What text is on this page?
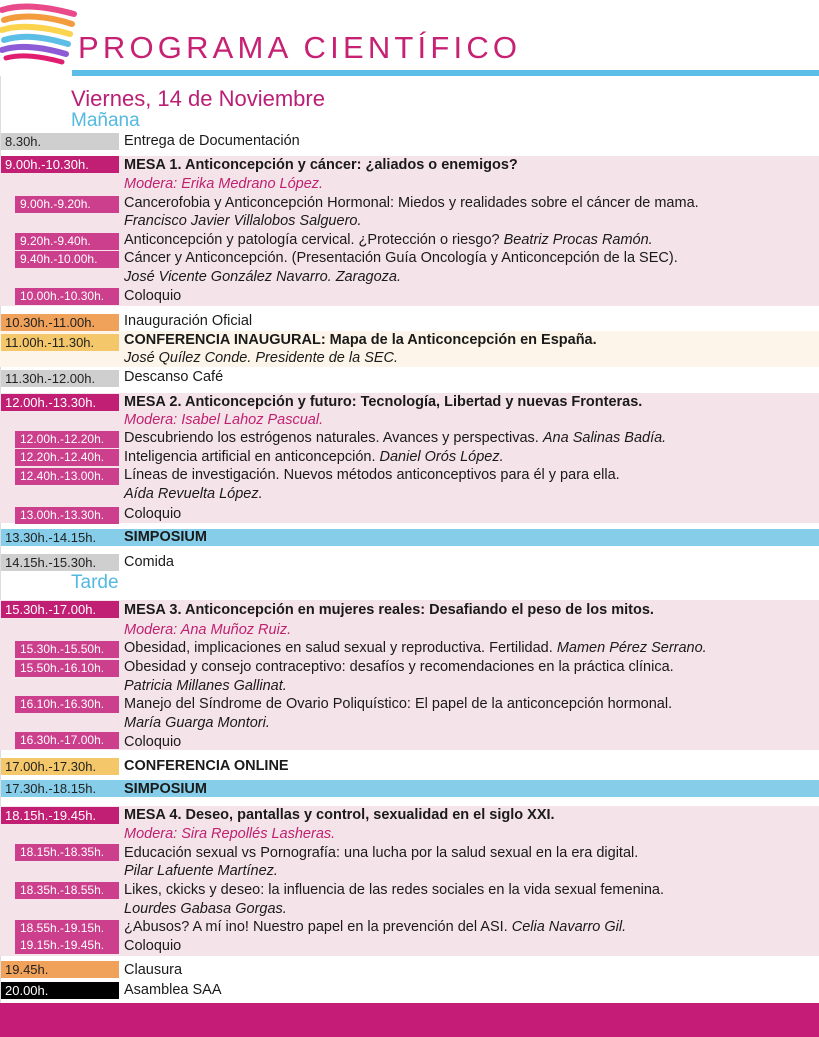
PROGRAMA CIENTÍFICO
Viernes, 14 de Noviembre
Mañana
Tarde
8.30h.	Entrega de Documentación
9.00h.-10.30h.	MESA 1. Anticoncepción y cáncer: ¿aliados o enemigos?
Modera: Erika Medrano López.
9.00h.-9.20h.	Cancerofobia y Anticoncepción Hormonal: Miedos y realidades sobre el cáncer de mama.
Francisco Javier Villalobos Salguero.
9.20h.-9.40h.	Anticoncepción y patología cervical. ¿Protección o riesgo? Beatriz Procas Ramón.
9.40h.-10.00h.	Cáncer y Anticoncepción. (Presentación Guía Oncología y Anticoncepción de la SEC).
José Vicente González Navarro. Zaragoza.
10.00h.-10.30h.	Coloquio
10.30h.-11.00h.	Inauguración Oficial
11.00h.-11.30h.	CONFERENCIA INAUGURAL: Mapa de la Anticoncepción en España.
José Quílez Conde. Presidente de la SEC.
11.30h.-12.00h.	Descanso Café
12.00h.-13.30h.	MESA 2. Anticoncepción y futuro: Tecnología, Libertad y nuevas Fronteras.
Modera: Isabel Lahoz Pascual.
12.00h.-12.20h.	Descubriendo los estrógenos naturales. Avances y perspectivas. Ana Salinas Badía.
12.20h.-12.40h.	Inteligencia artificial en anticoncepción. Daniel Orós López.
12.40h.-13.00h.	Líneas de investigación. Nuevos métodos anticonceptivos para él y para ella.
Aída Revuelta López.
13.00h.-13.30h.	Coloquio
13.30h.-14.15h.	SIMPOSIUM
14.15h.-15.30h.	Comida
15.30h.-17.00h.	MESA 3. Anticoncepción en mujeres reales: Desafiando el peso de los mitos.
Modera: Ana Muñoz Ruiz.
15.30h.-15.50h.	Obesidad, implicaciones en salud sexual y reproductiva. Fertilidad. Mamen Pérez Serrano.
15.50h.-16.10h.	Obesidad y consejo contraceptivo: desafíos y recomendaciones en la práctica clínica.
Patricia Millanes Gallinat.
16.10h.-16.30h.	Manejo del Síndrome de Ovario Poliquístico: El papel de la anticoncepción hormonal.
María Guarga Montori.
16.30h.-17.00h.	Coloquio
17.00h.-17.30h.	CONFERENCIA ONLINE
17.30h.-18.15h.	SIMPOSIUM
18.15h.-19.45h.	MESA 4. Deseo, pantallas y control, sexualidad en el siglo XXI.
Modera: Sira Repollés Lasheras.
18.15h.-18.35h.	Educación sexual vs Pornografía: una lucha por la salud sexual en la era digital.
Pilar Lafuente Martínez.
18.35h.-18.55h.	Likes, ckicks y deseo: la influencia de las redes sociales en la vida sexual femenina.
Lourdes Gabasa Gorgas.
18.55h.-19.15h.	¿Abusos? A mí ino! Nuestro papel en la prevención del ASI. Celia Navarro Gil.
19.15h.-19.45h.	Coloquio
19.45h.	Clausura
20.00h.	Asamblea SAA
